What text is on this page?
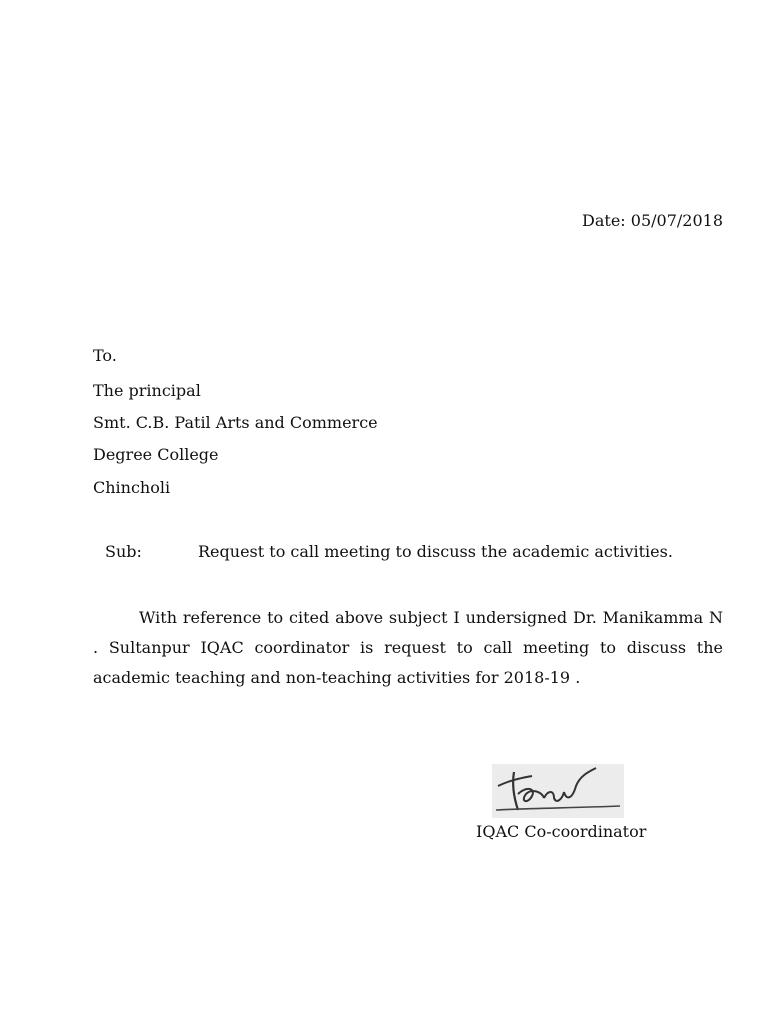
Date: 05/07/2018
To.
The principal
Smt. C.B. Patil Arts and Commerce
Degree College
Chincholi
Sub:	Request to call meeting to discuss the academic activities.
With reference to cited above subject I undersigned Dr. Manikamma N . Sultanpur IQAC coordinator is request to call meeting to discuss the academic teaching and non-teaching activities for 2018-19 .
IQAC Co-coordinator
